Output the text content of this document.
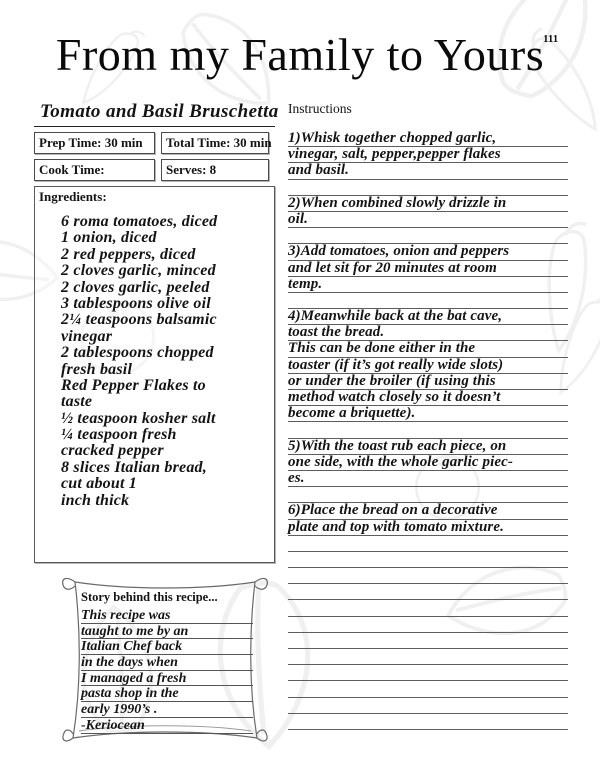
111
From my Family to Yours
Tomato and Basil Bruschetta
Prep Time: 30 min	Total Time: 30 min
Cook Time:	Serves: 8
Ingredients:
6 roma tomatoes, diced
1 onion, diced
2 red peppers, diced
2 cloves garlic, minced
2 cloves garlic, peeled
3 tablespoons olive oil
2¼ teaspoons balsamic
vinegar
2 tablespoons chopped
fresh basil
Red Pepper Flakes to
taste
½ teaspoon kosher salt
¼ teaspoon fresh
cracked pepper
8 slices Italian bread,
cut about 1
inch thick
Instructions
1)Whisk together chopped garlic,
vinegar, salt, pepper,pepper flakes
and basil.
2)When combined slowly drizzle in
oil.
3)Add tomatoes, onion and peppers
and let sit for 20 minutes at room
temp.
4)Meanwhile back at the bat cave,
toast the bread.
This can be done either in the
toaster (if it’s got really wide slots)
or under the broiler (if using this
method watch closely so it doesn’t
become a briquette).
5)With the toast rub each piece, on
one side, with the whole garlic piec-
es.
6)Place the bread on a decorative
plate and top with tomato mixture.
Story behind this recipe...
This recipe was
taught to me by an
Italian Chef back
in the days when
I managed a fresh
pasta shop in the
early 1990’s .
-Keriocean
